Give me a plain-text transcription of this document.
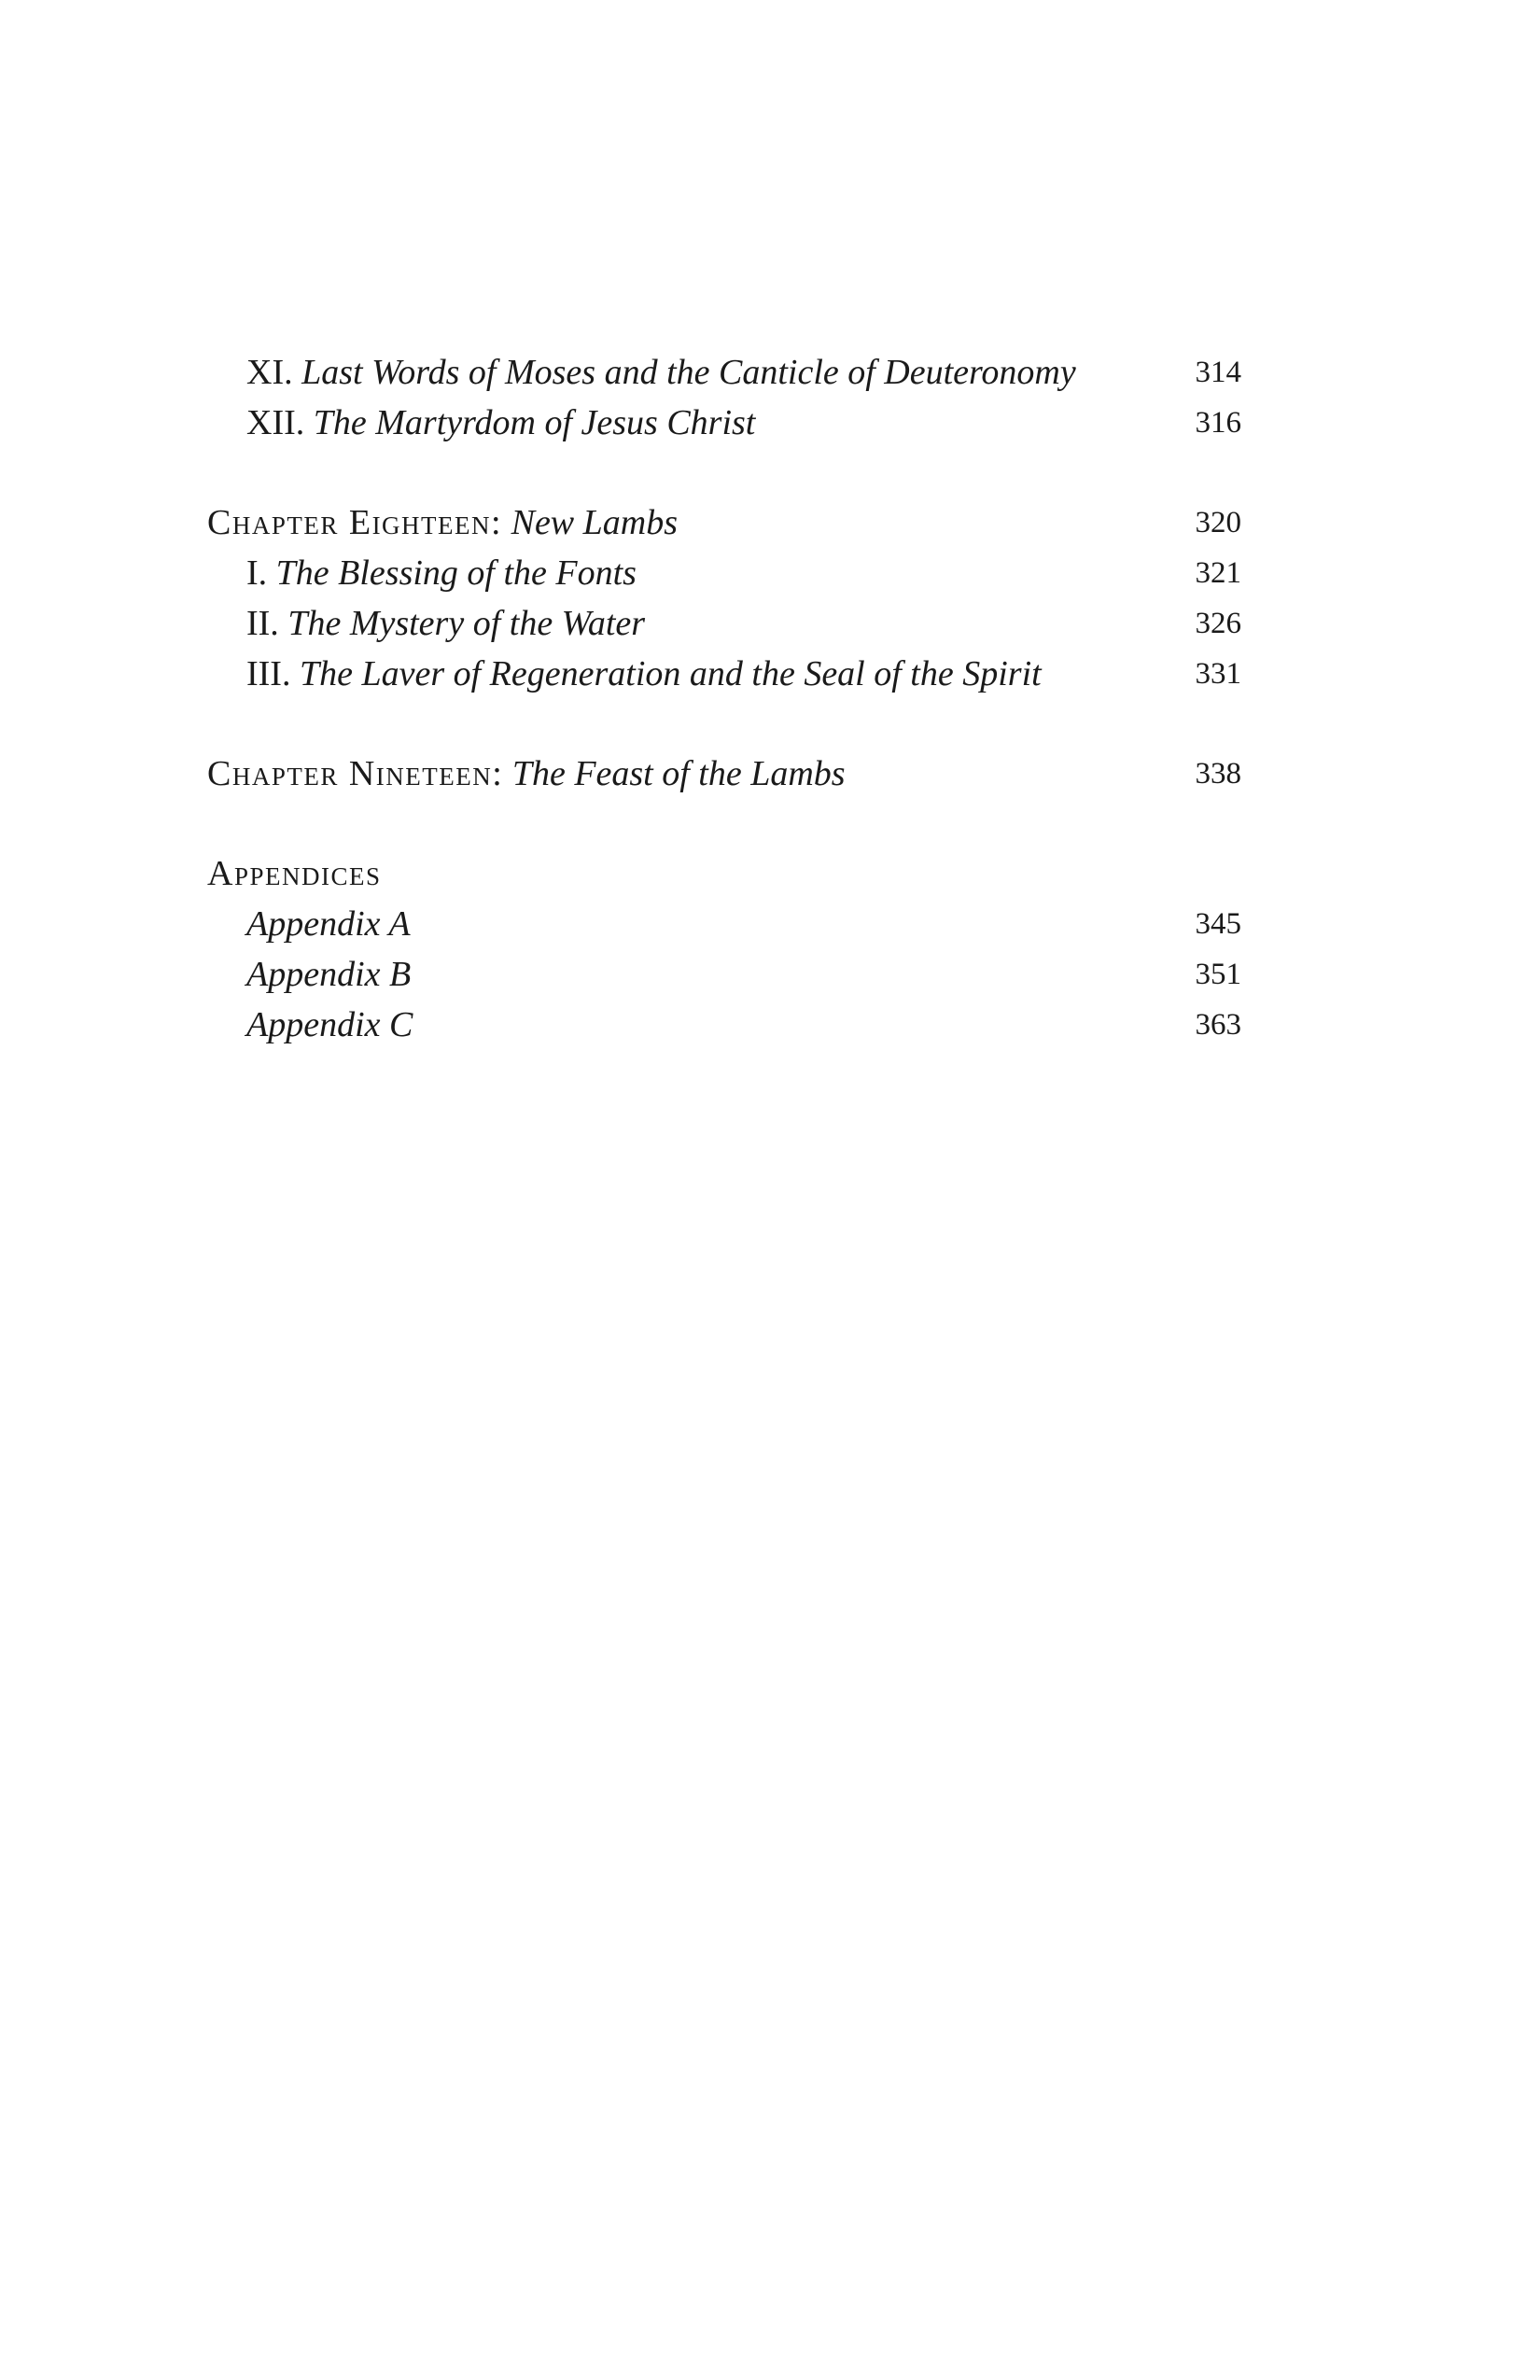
XI. Last Words of Moses and the Canticle of Deuteronomy	314
XII. The Martyrdom of Jesus Christ	316
Chapter Eighteen: New Lambs	320
I. The Blessing of the Fonts	321
II. The Mystery of the Water	326
III. The Laver of Regeneration and the Seal of the Spirit	331
Chapter Nineteen: The Feast of the Lambs	338
Appendices
Appendix A	345
Appendix B	351
Appendix C	363
